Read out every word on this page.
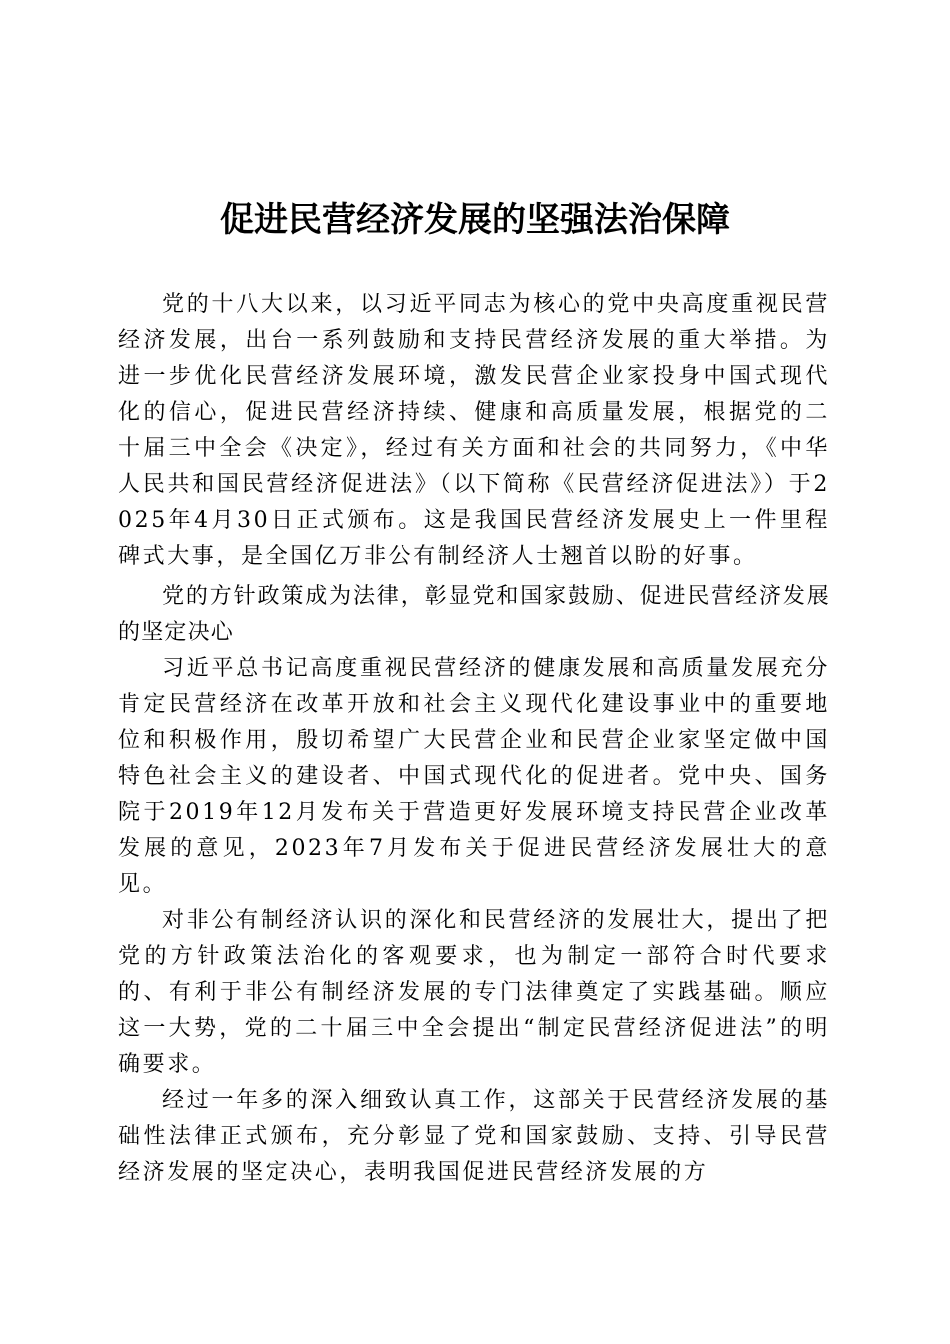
促进民营经济发展的坚强法治保障

党的十八大以来，以习近平同志为核心的党中央高度重视民营经济发展，出台一系列鼓励和支持民营经济发展的重大举措。为进一步优化民营经济发展环境，激发民营企业家投身中国式现代化的信心，促进民营经济持续、健康和高质量发展，根据党的二十届三中全会《决定》，经过有关方面和社会的共同努力，《中华人民共和国民营经济促进法》（以下简称《民营经济促进法》）于2025年4月30日正式颁布。这是我国民营经济发展史上一件里程碑式大事，是全国亿万非公有制经济人士翘首以盼的好事。

党的方针政策成为法律，彰显党和国家鼓励、促进民营经济发展的坚定决心

习近平总书记高度重视民营经济的健康发展和高质量发展充分肯定民营经济在改革开放和社会主义现代化建设事业中的重要地位和积极作用，殷切希望广大民营企业和民营企业家坚定做中国特色社会主义的建设者、中国式现代化的促进者。党中央、国务院于2019年12月发布关于营造更好发展环境支持民营企业改革发展的意见，2023年7月发布关于促进民营经济发展壮大的意见。

对非公有制经济认识的深化和民营经济的发展壮大，提出了把党的方针政策法治化的客观要求，也为制定一部符合时代要求的、有利于非公有制经济发展的专门法律奠定了实践基础。顺应这一大势，党的二十届三中全会提出“制定民营经济促进法”的明确要求。

经过一年多的深入细致认真工作，这部关于民营经济发展的基础性法律正式颁布，充分彰显了党和国家鼓励、支持、引导民营经济发展的坚定决心，表明我国促进民营经济发展的方
